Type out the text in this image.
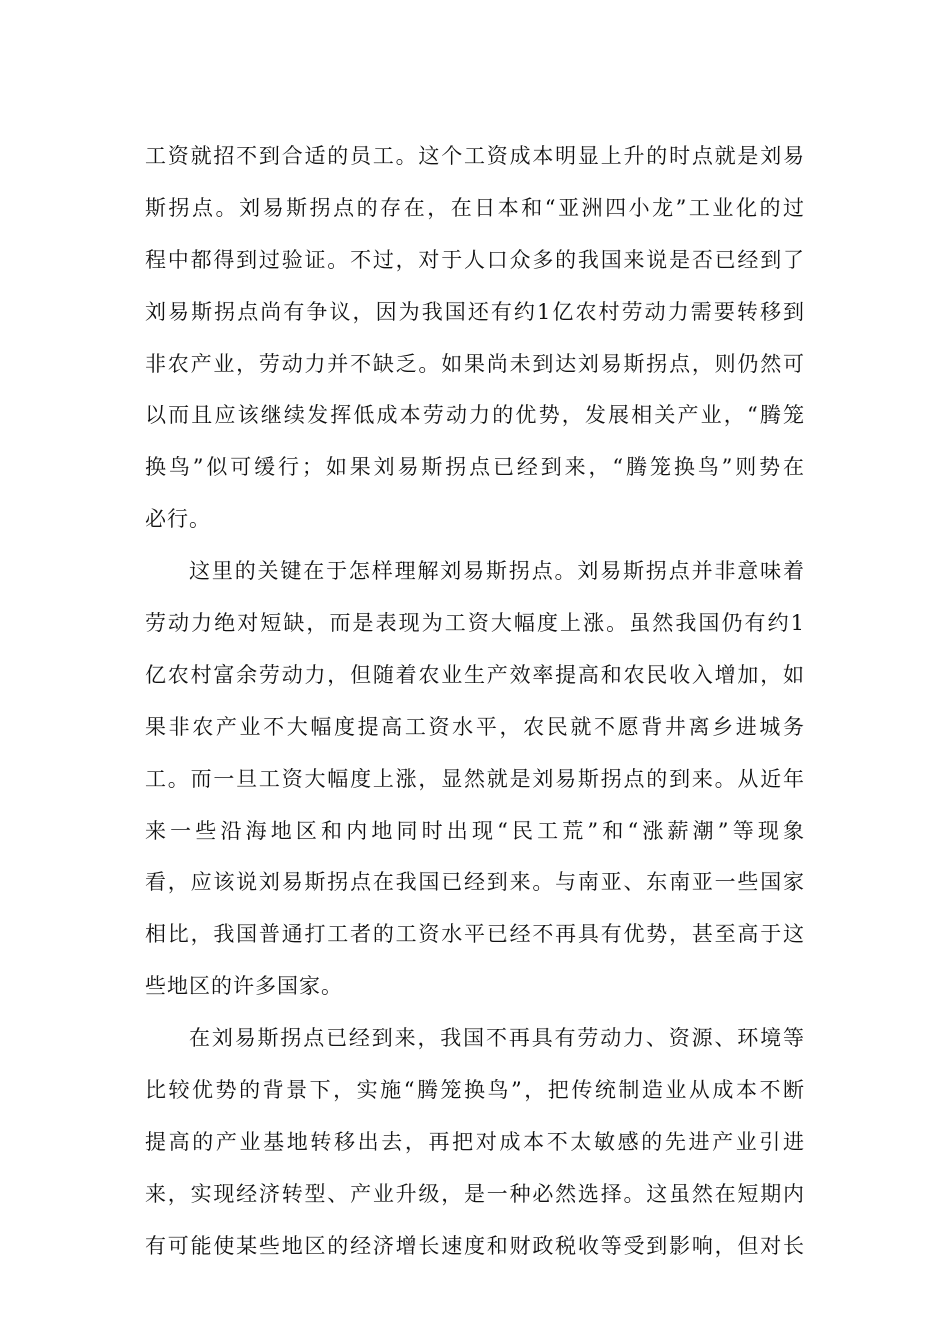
工资就招不到合适的员工。这个工资成本明显上升的时点就是刘易
斯拐点。刘易斯拐点的存在，在日本和“亚洲四小龙”工业化的过
程中都得到过验证。不过，对于人口众多的我国来说是否已经到了
刘易斯拐点尚有争议，因为我国还有约1亿农村劳动力需要转移到
非农产业，劳动力并不缺乏。如果尚未到达刘易斯拐点，则仍然可
以而且应该继续发挥低成本劳动力的优势，发展相关产业，“腾笼
换鸟”似可缓行；如果刘易斯拐点已经到来，“腾笼换鸟”则势在
必行。
这里的关键在于怎样理解刘易斯拐点。刘易斯拐点并非意味着
劳动力绝对短缺，而是表现为工资大幅度上涨。虽然我国仍有约1
亿农村富余劳动力，但随着农业生产效率提高和农民收入增加，如
果非农产业不大幅度提高工资水平，农民就不愿背井离乡进城务
工。而一旦工资大幅度上涨，显然就是刘易斯拐点的到来。从近年
来一些沿海地区和内地同时出现“民工荒”和“涨薪潮”等现象
看，应该说刘易斯拐点在我国已经到来。与南亚、东南亚一些国家
相比，我国普通打工者的工资水平已经不再具有优势，甚至高于这
些地区的许多国家。
在刘易斯拐点已经到来，我国不再具有劳动力、资源、环境等
比较优势的背景下，实施“腾笼换鸟”，把传统制造业从成本不断
提高的产业基地转移出去，再把对成本不太敏感的先进产业引进
来，实现经济转型、产业升级，是一种必然选择。这虽然在短期内
有可能使某些地区的经济增长速度和财政税收等受到影响，但对长
